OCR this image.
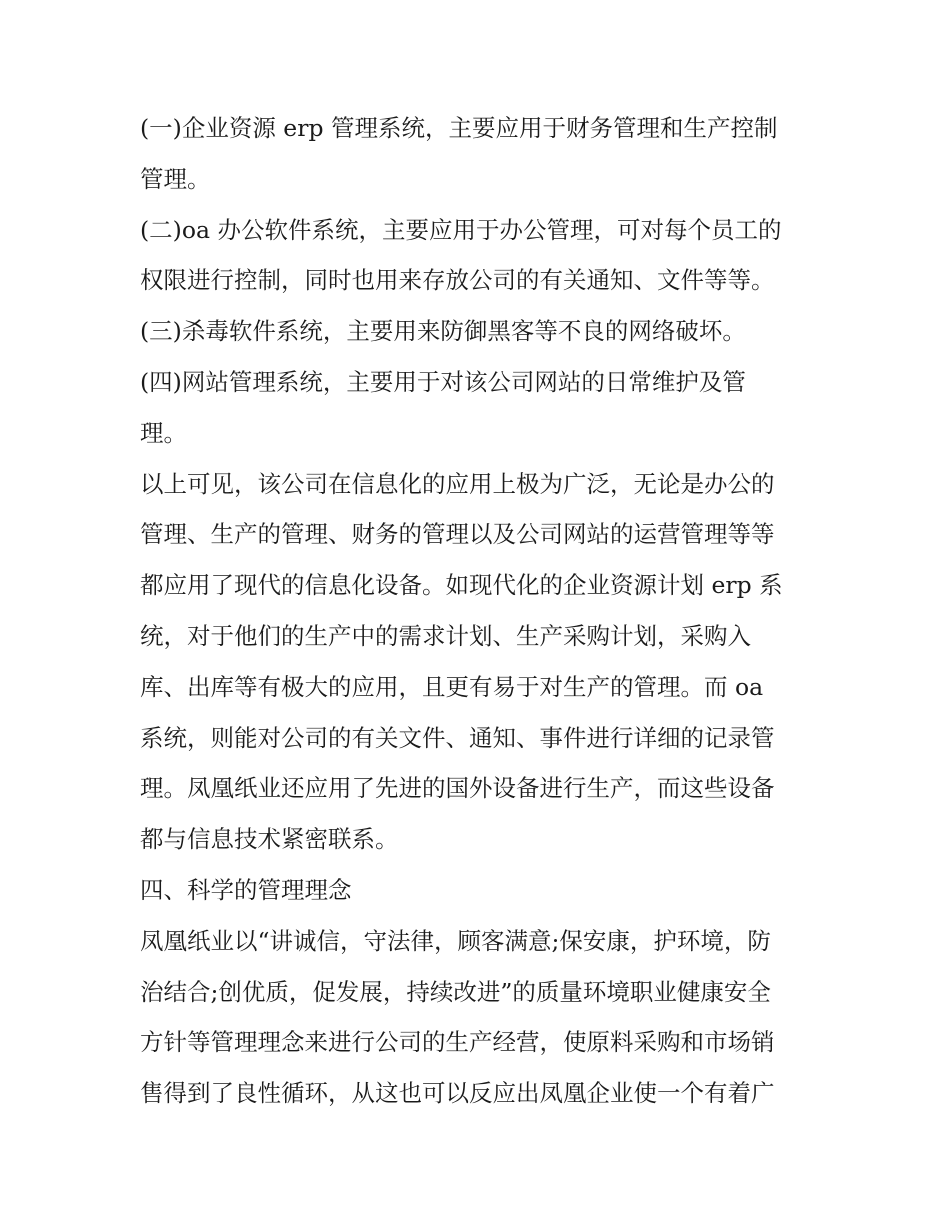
(一)企业资源 erp 管理系统，主要应用于财务管理和生产控制
管理。
(二)oa 办公软件系统，主要应用于办公管理，可对每个员工的
权限进行控制，同时也用来存放公司的有关通知、文件等等。
(三)杀毒软件系统，主要用来防御黑客等不良的网络破坏。
(四)网站管理系统，主要用于对该公司网站的日常维护及管
理。
以上可见，该公司在信息化的应用上极为广泛，无论是办公的
管理、生产的管理、财务的管理以及公司网站的运营管理等等
都应用了现代的信息化设备。如现代化的企业资源计划 erp 系
统，对于他们的生产中的需求计划、生产采购计划，采购入
库、出库等有极大的应用，且更有易于对生产的管理。而 oa
系统，则能对公司的有关文件、通知、事件进行详细的记录管
理。凤凰纸业还应用了先进的国外设备进行生产，而这些设备
都与信息技术紧密联系。
四、科学的管理理念
凤凰纸业以“讲诚信，守法律，顾客满意;保安康，护环境，防
治结合;创优质，促发展，持续改进”的质量环境职业健康安全
方针等管理理念来进行公司的生产经营，使原料采购和市场销
售得到了良性循环，从这也可以反应出凤凰企业使一个有着广
